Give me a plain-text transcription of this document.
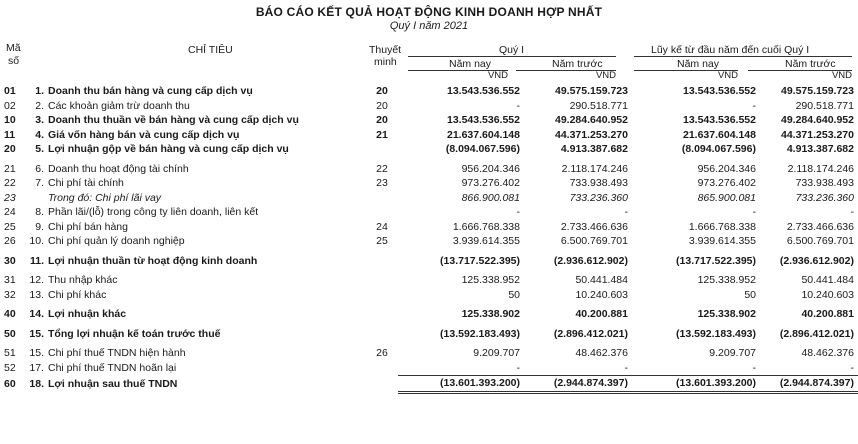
BÁO CÁO KẾT QUẢ HOẠT ĐỘNG KINH DOANH HỢP NHẤT
Quý I năm 2021
Mã
số
CHỈ TIÊU	Thuyết
minh
Quý I	Lũy kế từ đầu năm đến cuối Quý I
Năm nay	Năm trước	Năm nay	Năm trước
VND	VND	VND	VND
01	1.	Doanh thu bán hàng và cung cấp dịch vụ	20	13.543.536.552	49.575.159.723	13.543.536.552	49.575.159.723
02	2.	Các khoản giảm trừ doanh thu	20	-	290.518.771	-	290.518.771
10	3.	Doanh thu thuần về bán hàng và cung cấp dịch vụ	20	13.543.536.552	49.284.640.952	13.543.536.552	49.284.640.952
11	4.	Giá vốn hàng bán và cung cấp dịch vụ	21	21.637.604.148	44.371.253.270	21.637.604.148	44.371.253.270
20	5.	Lợi nhuận gộp về bán hàng và cung cấp dịch vụ		(8.094.067.596)	4.913.387.682	(8.094.067.596)	4.913.387.682
21	6.	Doanh thu hoạt động tài chính	22	956.204.346	2.118.174.246	956.204.346	2.118.174.246
22	7.	Chi phí tài chính	23	973.276.402	733.938.493	973.276.402	733.938.493
23		Trong đó: Chi phí lãi vay		866.900.081	733.236.360	865.900.081	733.236.360
24	8.	Phần lãi/(lỗ) trong công ty liên doanh, liên kết		-	-	-	-
25	9.	Chi phí bán hàng	24	1.666.768.338	2.733.466.636	1.666.768.338	2.733.466.636
26	10.	Chi phí quản lý doanh nghiệp	25	3.939.614.355	6.500.769.701	3.939.614.355	6.500.769.701
30	11.	Lợi nhuận thuần từ hoạt động kinh doanh		(13.717.522.395)	(2.936.612.902)	(13.717.522.395)	(2.936.612.902)
31	12.	Thu nhập khác		125.338.952	50.441.484	125.338.952	50.441.484
32	13.	Chi phí khác		50	10.240.603	50	10.240.603
40	14.	Lợi nhuận khác		125.338.902	40.200.881	125.338.902	40.200.881
50	15.	Tổng lợi nhuận kế toán trước thuế		(13.592.183.493)	(2.896.412.021)	(13.592.183.493)	(2.896.412.021)
51	15.	Chi phí thuế TNDN hiện hành	26	9.209.707	48.462.376	9.209.707	48.462.376
52	17.	Chi phí thuế TNDN hoãn lại		-	-	-	-
60	18.	Lợi nhuận sau thuế TNDN		(13.601.393.200)	(2.944.874.397)	(13.601.393.200)	(2.944.874.397)
